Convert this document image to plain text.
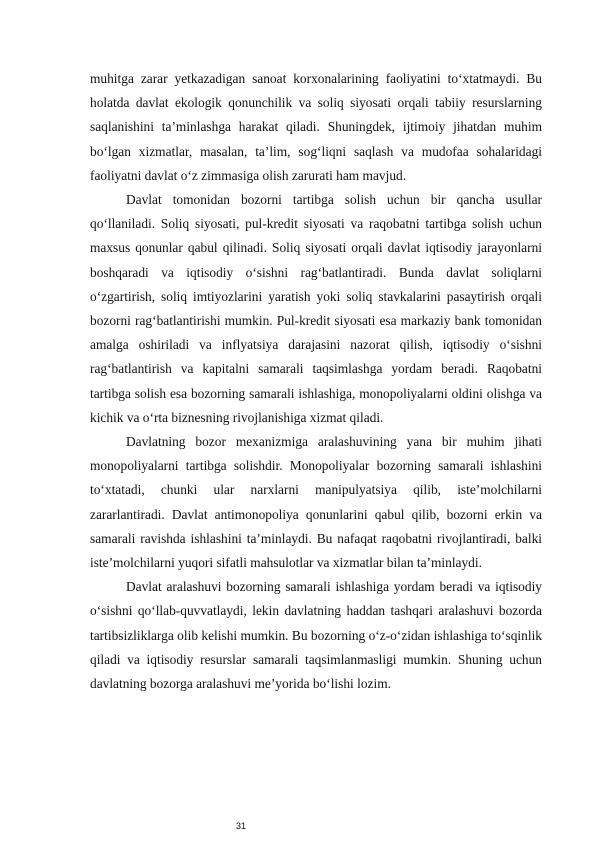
muhitga zarar yetkazadigan sanoat korxonalarining faoliyatini to‘xtatmaydi. Bu holatda davlat ekologik qonunchilik va soliq siyosati orqali tabiiy resurslarning saqlanishini ta’minlashga harakat qiladi. Shuningdek, ijtimoiy jihatdan muhim bo‘lgan xizmatlar, masalan, ta’lim, sog‘liqni saqlash va mudofaa sohalaridagi faoliyatni davlat o‘z zimmasiga olish zarurati ham mavjud.

Davlat tomonidan bozorni tartibga solish uchun bir qancha usullar qo‘llaniladi. Soliq siyosati, pul-kredit siyosati va raqobatni tartibga solish uchun maxsus qonunlar qabul qilinadi. Soliq siyosati orqali davlat iqtisodiy jarayonlarni boshqaradi va iqtisodiy o‘sishni rag‘batlantiradi. Bunda davlat soliqlarni o‘zgartirish, soliq imtiyozlarini yaratish yoki soliq stavkalarini pasaytirish orqali bozorni rag‘batlantirishi mumkin. Pul-kredit siyosati esa markaziy bank tomonidan amalga oshiriladi va inflyatsiya darajasini nazorat qilish, iqtisodiy o‘sishni rag‘batlantirish va kapitalni samarali taqsimlashga yordam beradi. Raqobatni tartibga solish esa bozorning samarali ishlashiga, monopoliyalarni oldini olishga va kichik va o‘rta biznesning rivojlanishiga xizmat qiladi.

Davlatning bozor mexanizmiga aralashuvining yana bir muhim jihati monopoliyalarni tartibga solishdir. Monopoliyalar bozorning samarali ishlashini to‘xtatadi, chunki ular narxlarni manipulyatsiya qilib, iste’molchilarni zararlantiradi. Davlat antimonopoliya qonunlarini qabul qilib, bozorni erkin va samarali ravishda ishlashini ta’minlaydi. Bu nafaqat raqobatni rivojlantiradi, balki iste’molchilarni yuqori sifatli mahsulotlar va xizmatlar bilan ta’minlaydi.

Davlat aralashuvi bozorning samarali ishlashiga yordam beradi va iqtisodiy o‘sishni qo‘llab-quvvatlaydi, lekin davlatning haddan tashqari aralashuvi bozorda tartibsizliklarga olib kelishi mumkin. Bu bozorning o‘z-o‘zidan ishlashiga to‘sqinlik qiladi va iqtisodiy resurslar samarali taqsimlanmasligi mumkin. Shuning uchun davlatning bozorga aralashuvi me’yorida bo‘lishi lozim.

31
